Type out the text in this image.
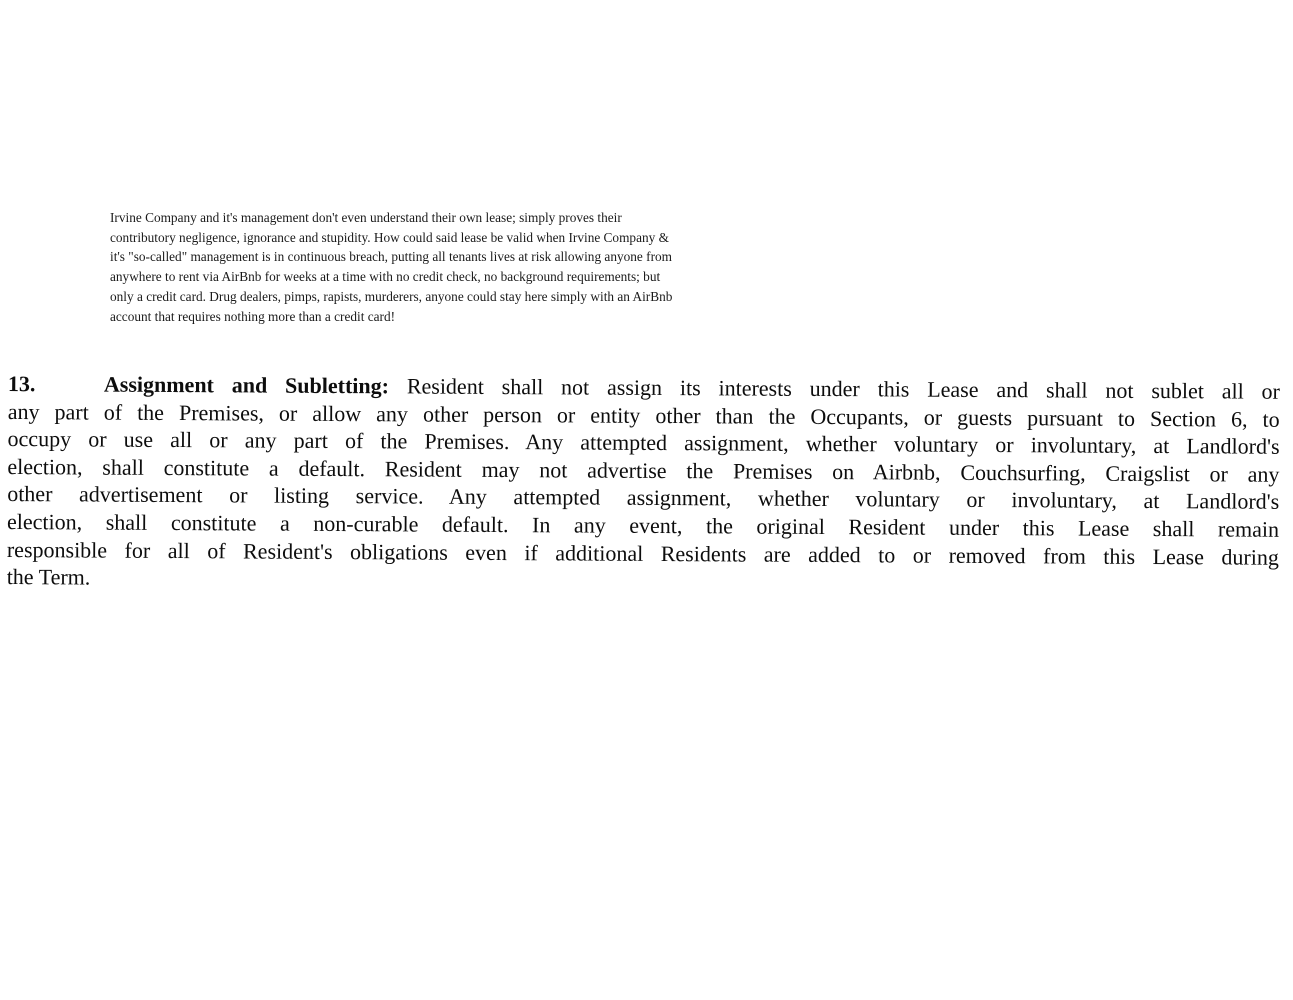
Irvine Company and it's management don't even understand their own lease; simply proves their
contributory negligence, ignorance and stupidity. How could said lease be valid when Irvine Company &
it's "so-called" management is in continuous breach, putting all tenants lives at risk allowing anyone from
anywhere to rent via AirBnb for weeks at a time with no credit check, no background requirements; but
only a credit card. Drug dealers, pimps, rapists, murderers, anyone could stay here simply with an AirBnb
account that requires nothing more than a credit card!
13.	Assignment and Subletting: Resident shall not assign its interests under this Lease and shall not sublet all or
any part of the Premises, or allow any other person or entity other than the Occupants, or guests pursuant to Section 6, to
occupy or use all or any part of the Premises. Any attempted assignment, whether voluntary or involuntary, at Landlord's
election, shall constitute a default. Resident may not advertise the Premises on Airbnb, Couchsurfing, Craigslist or any
other advertisement or listing service. Any attempted assignment, whether voluntary or involuntary, at Landlord's
election, shall constitute a non-curable default. In any event, the original Resident under this Lease shall remain
responsible for all of Resident's obligations even if additional Residents are added to or removed from this Lease during
the Term.
